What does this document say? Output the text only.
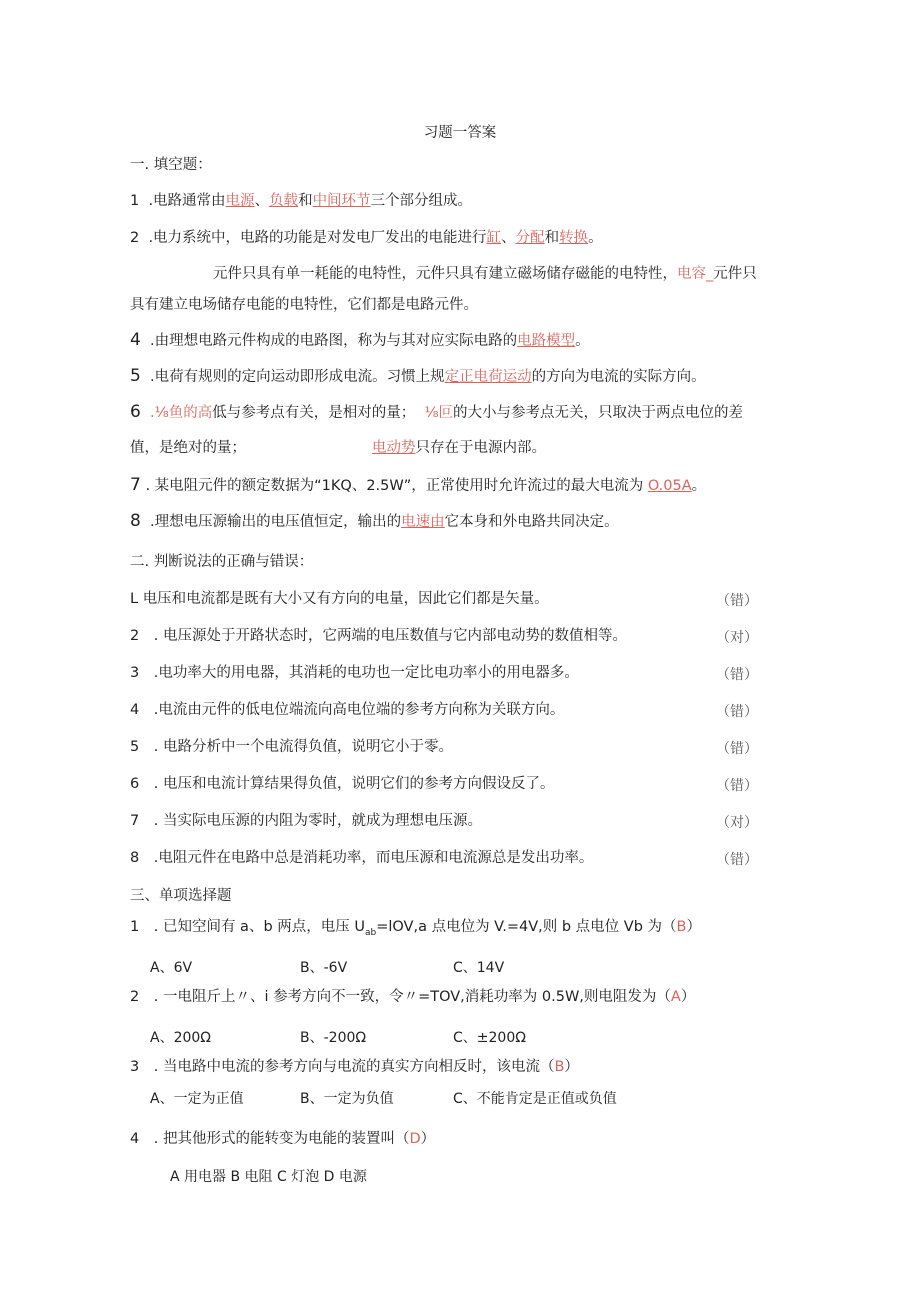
习题一答案
一. 填空题：
1 .电路通常由电源、负载和中间环节三个部分组成。
2 .电力系统中，电路的功能是对发电厂发出的电能进行缸、分配和转换。
元件只具有单一耗能的电特性，元件只具有建立磁场储存磁能的电特性，电容_元件只
具有建立电场储存电能的电特性，它们都是电路元件。
4 .由理想电路元件构成的电路图，称为与其对应实际电路的电路模型。
5 .电荷有规则的定向运动即形成电流。习惯上规定正电荷运动的方向为电流的实际方向。
6 .⅛鱼的高低与参考点有关，是相对的量； ⅛叵的大小与参考点无关，只取决于两点电位的差
值，是绝对的量；	电动势只存在于电源内部。
7 . 某电阻元件的额定数据为“1KQ、2.5W”，正常使用时允许流过的最大电流为 O.05A。
8 .理想电压源输出的电压值恒定，输出的电速由它本身和外电路共同决定。
二. 判断说法的正确与错误：
L 电压和电流都是既有大小又有方向的电量，因此它们都是矢量。	（错）
2　. 电压源处于开路状态时，它两端的电压数值与它内部电动势的数值相等。	（对）
3　.电功率大的用电器，其消耗的电功也一定比电功率小的用电器多。	（错）
4　.电流由元件的低电位端流向高电位端的参考方向称为关联方向。	（错）
5　. 电路分析中一个电流得负值，说明它小于零。	（错）
6　. 电压和电流计算结果得负值，说明它们的参考方向假设反了。	（错）
7　. 当实际电压源的内阻为零时，就成为理想电压源。	（对）
8　.电阻元件在电路中总是消耗功率，而电压源和电流源总是发出功率。	（错）
三、单项选择题
1　. 已知空间有 a、b 两点，电压 $U_{ab}=lOV,a$ 点电位为 V.=4V,则 b 点电位 Vb 为（B）
A、6V	B、-6V	C、14V
2　. 一电阻斤上〃、i 参考方向不一致，令〃=TOV,消耗功率为 0.5W,则电阻发为（A）
A、200Ω	B、-200Ω	C、±200Ω
3　. 当电路中电流的参考方向与电流的真实方向相反时，该电流（B）
A、一定为正值	B、一定为负值	C、不能肯定是正值或负值
4　. 把其他形式的能转变为电能的装置叫（D）
A 用电器 B 电阻 C 灯泡 D 电源
